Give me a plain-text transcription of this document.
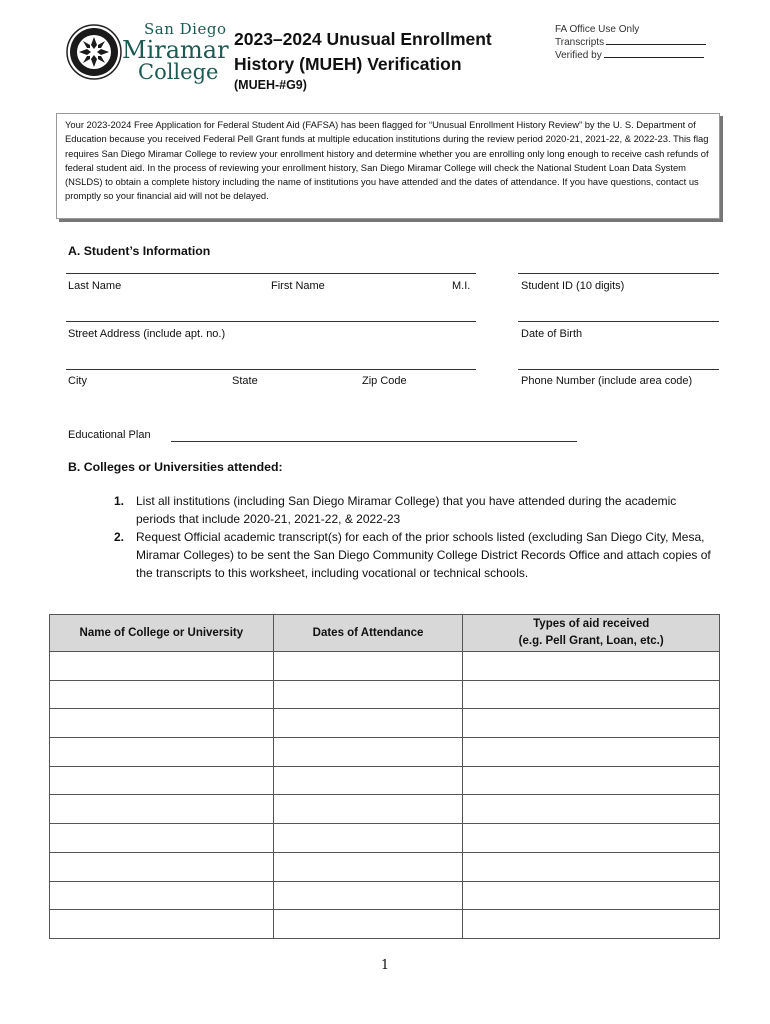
San Diego
Miramar
College
2023–2024 Unusual Enrollment History (MUEH) Verification
(MUEH-#G9)
FA Office Use Only
Transcripts
Verified by
Your 2023-2024 Free Application for Federal Student Aid (FAFSA) has been flagged for “Unusual Enrollment History Review” by the U. S. Department of Education because you received Federal Pell Grant funds at multiple education institutions during the review period 2020-21, 2021-22, & 2022-23. This flag requires San Diego Miramar College to review your enrollment history and determine whether you are enrolling only long enough to receive cash refunds of federal student aid. In the process of reviewing your enrollment history, San Diego Miramar College will check the National Student Loan Data System (NSLDS) to obtain a complete history including the name of institutions you have attended and the dates of attendance. If you have questions, contact us promptly so your financial aid will not be delayed.
A. Student’s Information
Last Name	First Name	M.I.	Student ID (10 digits)
Street Address (include apt. no.)	Date of Birth
City	State	Zip Code	Phone Number (include area code)
Educational Plan
B. Colleges or Universities attended:
1. List all institutions (including San Diego Miramar College) that you have attended during the academic periods that include 2020-21, 2021-22, & 2022-23
2. Request Official academic transcript(s) for each of the prior schools listed (excluding San Diego City, Mesa, Miramar Colleges) to be sent the San Diego Community College District Records Office and attach copies of the transcripts to this worksheet, including vocational or technical schools.
Name of College or University	Dates of Attendance	Types of aid received
(e.g. Pell Grant, Loan, etc.)

1
